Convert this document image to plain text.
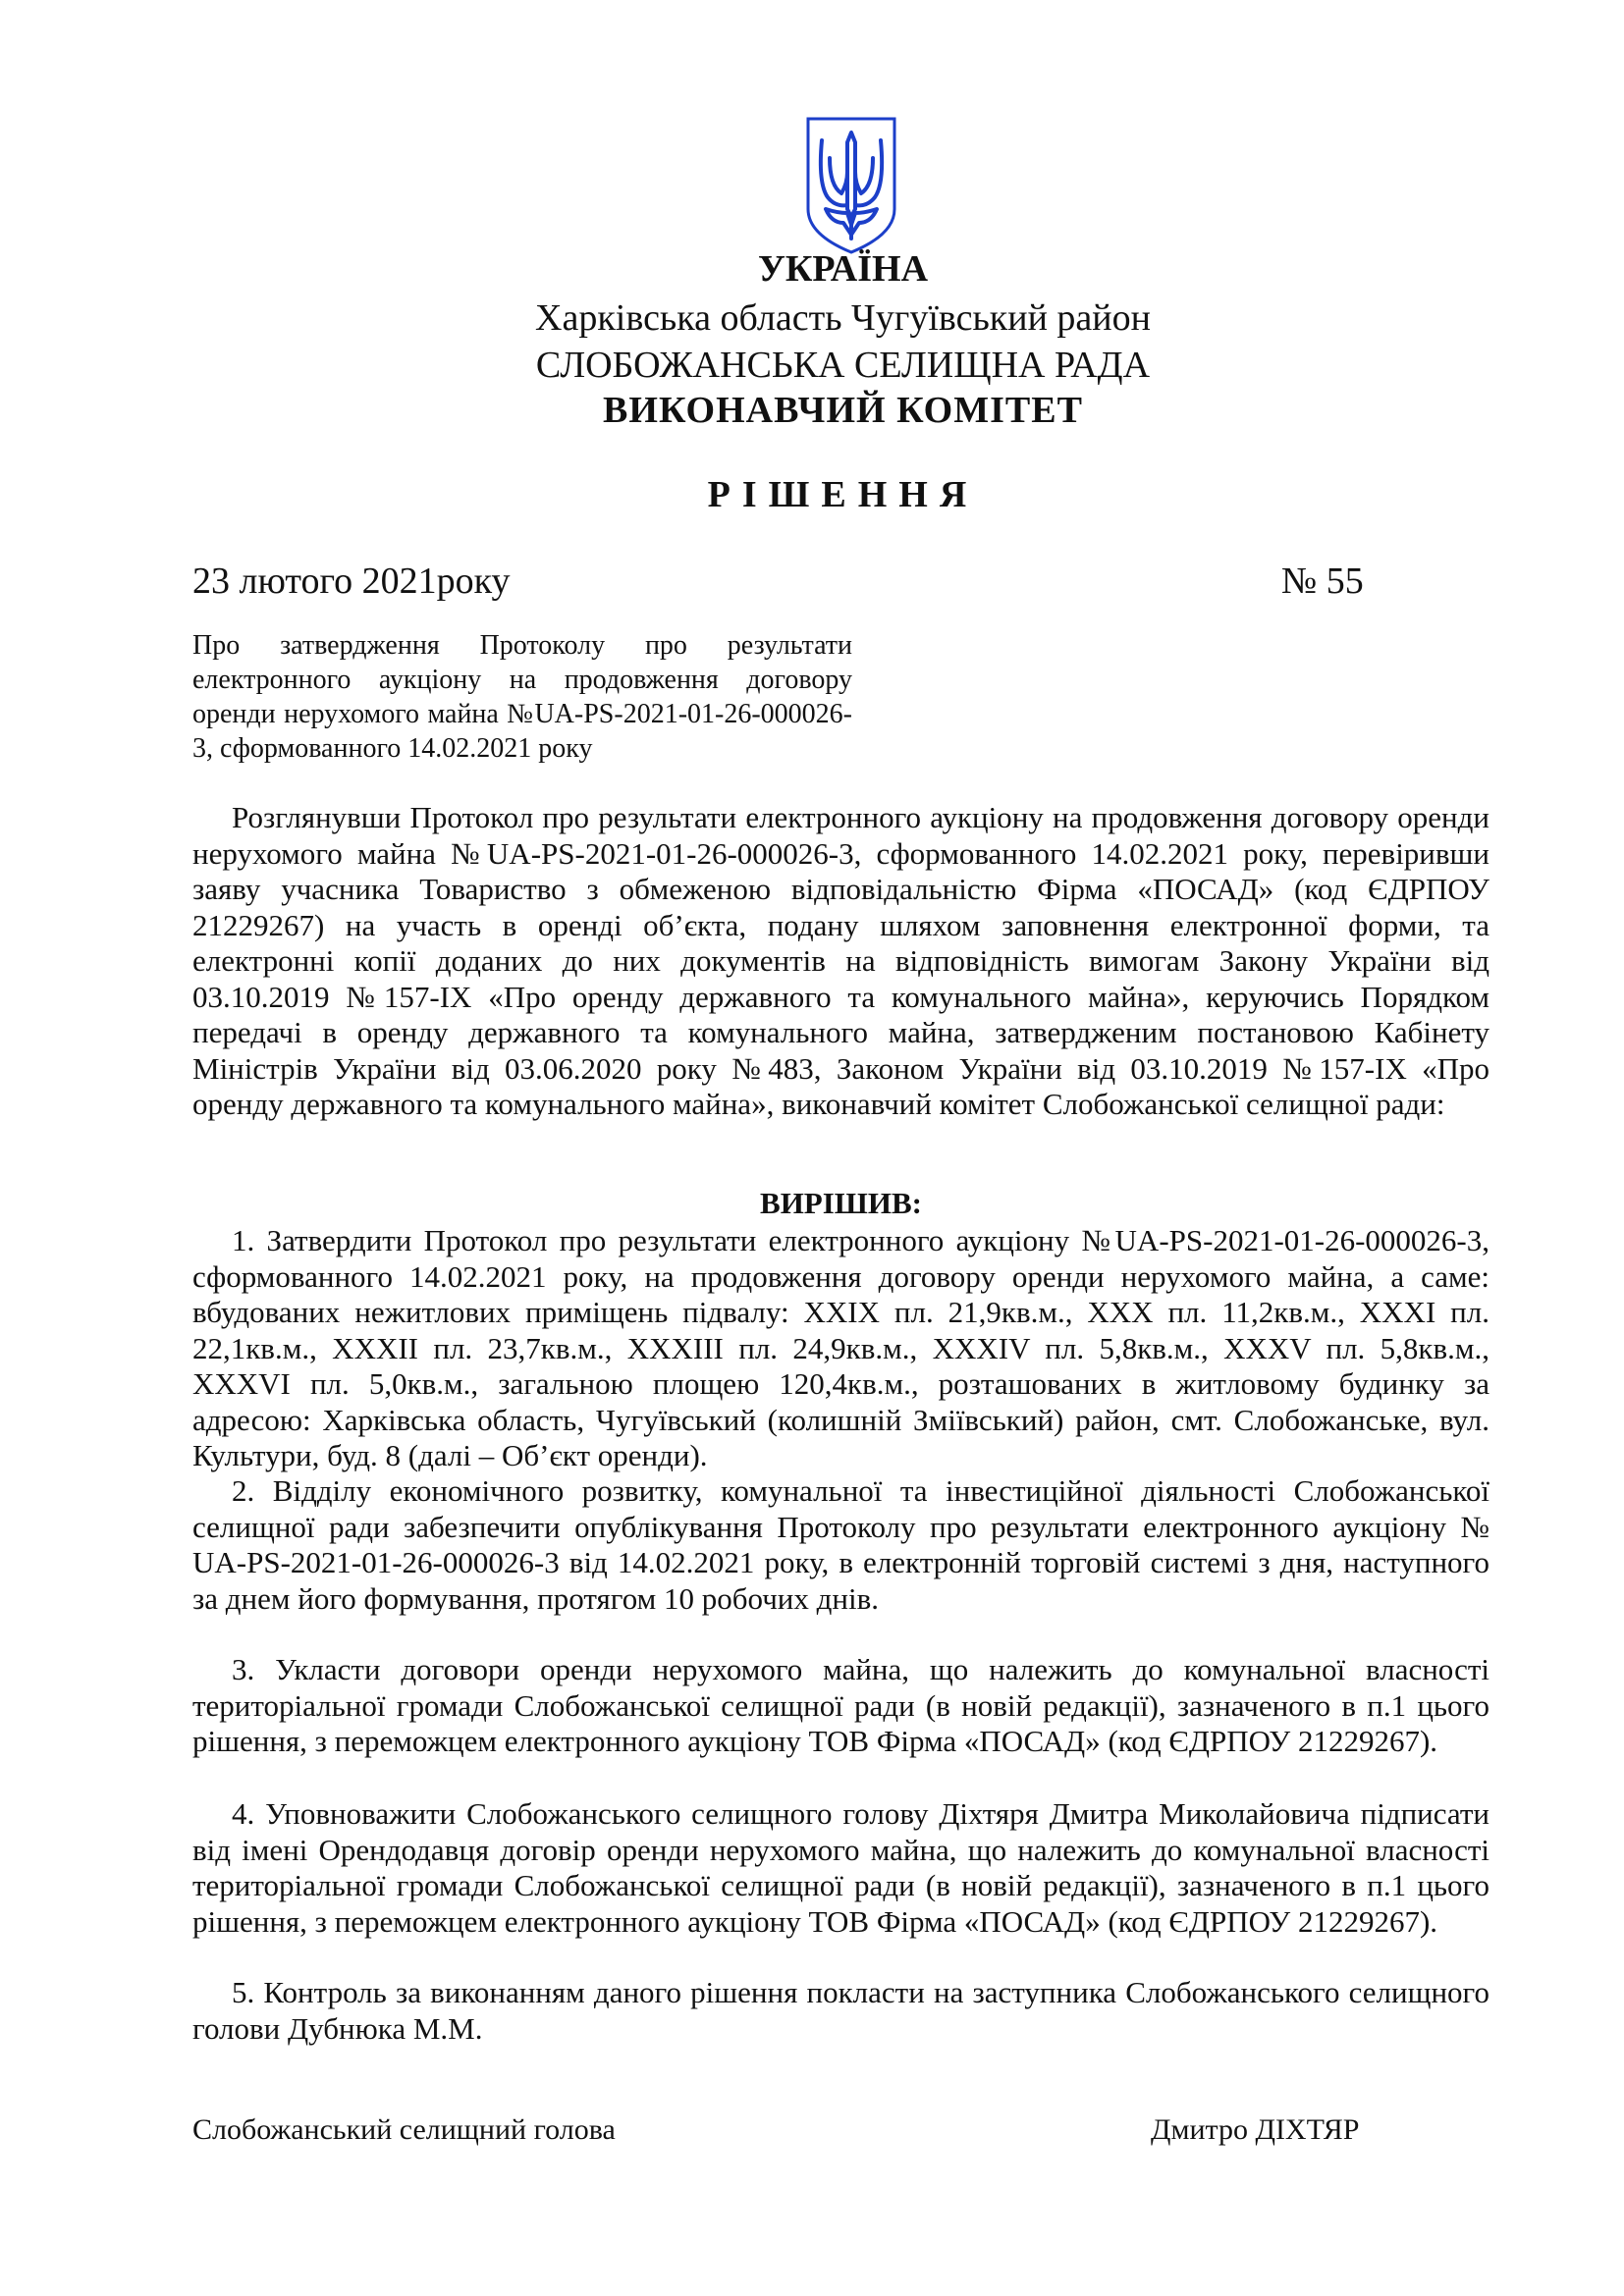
УКРАЇНА
Харківська область Чугуївський район
СЛОБОЖАНСЬКА СЕЛИЩНА РАДА
ВИКОНАВЧИЙ КОМІТЕТ
РІШЕННЯ
23 лютого 2021року	№ 55
Про затвердження Протоколу про результати електронного аукціону на продовження договору оренди нерухомого майна №UA-PS-2021-01-26-000026-3, сформованного 14.02.2021 року

Розглянувши Протокол про результати електронного аукціону на продовження договору оренди нерухомого майна №UA-PS-2021-01-26-000026-3, сформованного 14.02.2021 року, перевіривши заяву учасника Товариство з обмеженою відповідальністю Фірма «ПОСАД» (код ЄДРПОУ 21229267) на участь в оренді об’єкта, подану шляхом заповнення електронної форми, та електронні копії доданих до них документів на відповідність вимогам Закону України від 03.10.2019 №157-IX «Про оренду державного та комунального майна», керуючись Порядком передачі в оренду державного та комунального майна, затвердженим постановою Кабінету Міністрів України від 03.06.2020 року №483, Законом України від 03.10.2019 №157-IX «Про оренду державного та комунального майна», виконавчий комітет Слобожанської селищної ради:

ВИРІШИВ:

1. Затвердити Протокол про результати електронного аукціону №UA-PS-2021-01-26-000026-3, сформованного 14.02.2021 року, на продовження договору оренди нерухомого майна, а саме: вбудованих нежитлових приміщень підвалу: XXIX пл. 21,9кв.м., XXX пл. 11,2кв.м., XXXI пл. 22,1кв.м., XXXII пл. 23,7кв.м., XXXIII пл. 24,9кв.м., XXXIV пл. 5,8кв.м., XXXV пл. 5,8кв.м., XXXVI пл. 5,0кв.м., загальною площею 120,4кв.м., розташованих в житловому будинку за адресою: Харківська область, Чугуївський (колишній Зміївський) район, смт. Слобожанське, вул. Культури, буд. 8 (далі – Об’єкт оренди).

2. Відділу економічного розвитку, комунальної та інвестиційної діяльності Слобожанської селищної ради забезпечити опублікування Протоколу про результати електронного аукціону № UA-PS-2021-01-26-000026-3 від 14.02.2021 року, в електронній торговій системі з дня, наступного за днем його формування, протягом 10 робочих днів.

3. Укласти договори оренди нерухомого майна, що належить до комунальної власності територіальної громади Слобожанської селищної ради (в новій редакції), зазначеного в п.1 цього рішення, з переможцем електронного аукціону ТОВ Фірма «ПОСАД» (код ЄДРПОУ 21229267).

4. Уповноважити Слобожанського селищного голову Діхтяря Дмитра Миколайовича підписати від імені Орендодавця договір оренди нерухомого майна, що належить до комунальної власності територіальної громади Слобожанської селищної ради (в новій редакції), зазначеного в п.1 цього рішення, з переможцем електронного аукціону ТОВ Фірма «ПОСАД» (код ЄДРПОУ 21229267).

5. Контроль за виконанням даного рішення покласти на заступника Слобожанського селищного голови Дубнюка М.М.

Слобожанський селищний голова	Дмитро ДІХТЯР
